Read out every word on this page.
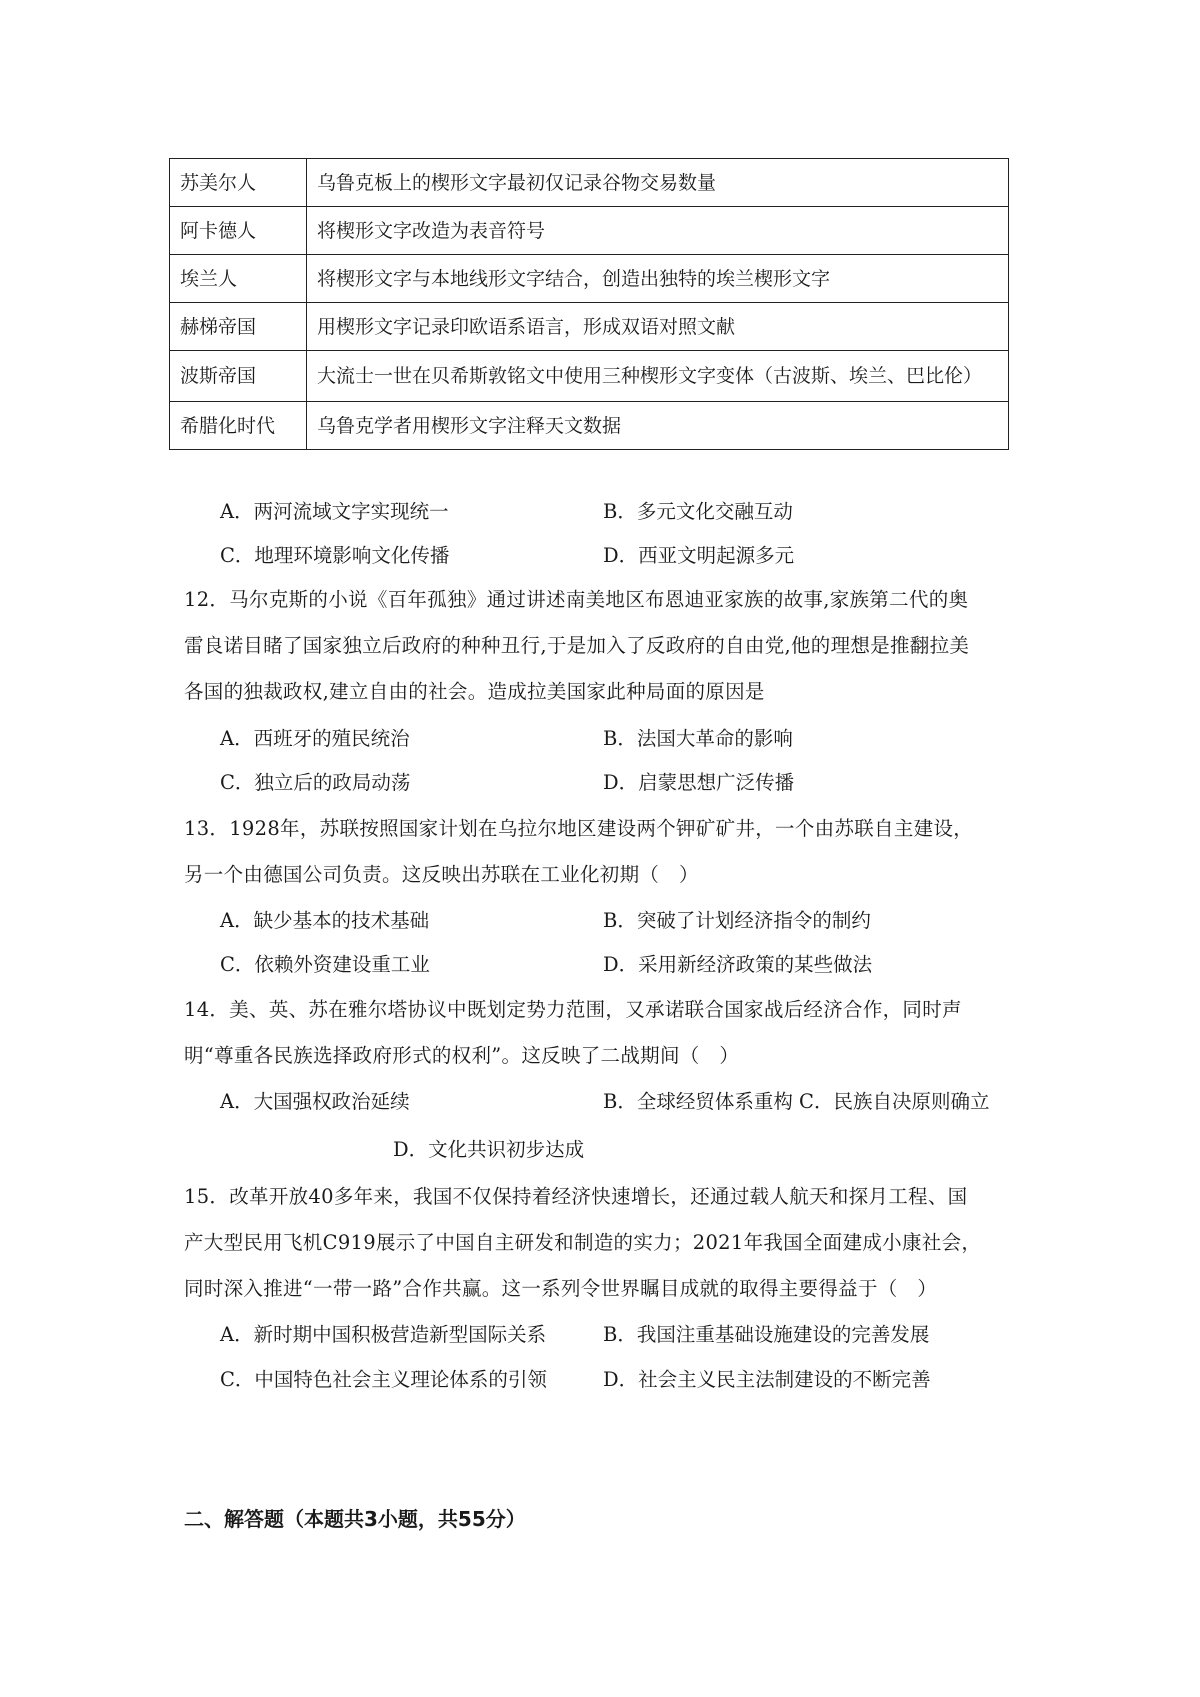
苏美尔人	乌鲁克板上的楔形文字最初仅记录谷物交易数量
阿卡德人	将楔形文字改造为表音符号
埃兰人	将楔形文字与本地线形文字结合，创造出独特的埃兰楔形文字
赫梯帝国	用楔形文字记录印欧语系语言，形成双语对照文献
波斯帝国	大流士一世在贝希斯敦铭文中使用三种楔形文字变体（古波斯、埃兰、巴比伦）
希腊化时代	乌鲁克学者用楔形文字注释天文数据
A．两河流域文字实现统一	B．多元文化交融互动
C．地理环境影响文化传播	D．西亚文明起源多元
12．马尔克斯的小说《百年孤独》通过讲述南美地区布恩迪亚家族的故事,家族第二代的奥
雷良诺目睹了国家独立后政府的种种丑行,于是加入了反政府的自由党,他的理想是推翻拉美
各国的独裁政权,建立自由的社会。造成拉美国家此种局面的原因是
A．西班牙的殖民统治	B．法国大革命的影响
C．独立后的政局动荡	D．启蒙思想广泛传播
13．1928年，苏联按照国家计划在乌拉尔地区建设两个钾矿矿井，一个由苏联自主建设，
另一个由德国公司负责。这反映出苏联在工业化初期（　）
A．缺少基本的技术基础	B．突破了计划经济指令的制约
C．依赖外资建设重工业	D．采用新经济政策的某些做法
14．美、英、苏在雅尔塔协议中既划定势力范围，又承诺联合国家战后经济合作，同时声
明“尊重各民族选择政府形式的权利”。这反映了二战期间（　）
A．大国强权政治延续	B．全球经贸体系重构 C．民族自决原则确立
D．文化共识初步达成
15．改革开放40多年来，我国不仅保持着经济快速增长，还通过载人航天和探月工程、国
产大型民用飞机C919展示了中国自主研发和制造的实力；2021年我国全面建成小康社会，
同时深入推进“一带一路”合作共赢。这一系列令世界瞩目成就的取得主要得益于（　）
A．新时期中国积极营造新型国际关系	B．我国注重基础设施建设的完善发展
C．中国特色社会主义理论体系的引领	D．社会主义民主法制建设的不断完善
二、解答题（本题共3小题，共55分）
